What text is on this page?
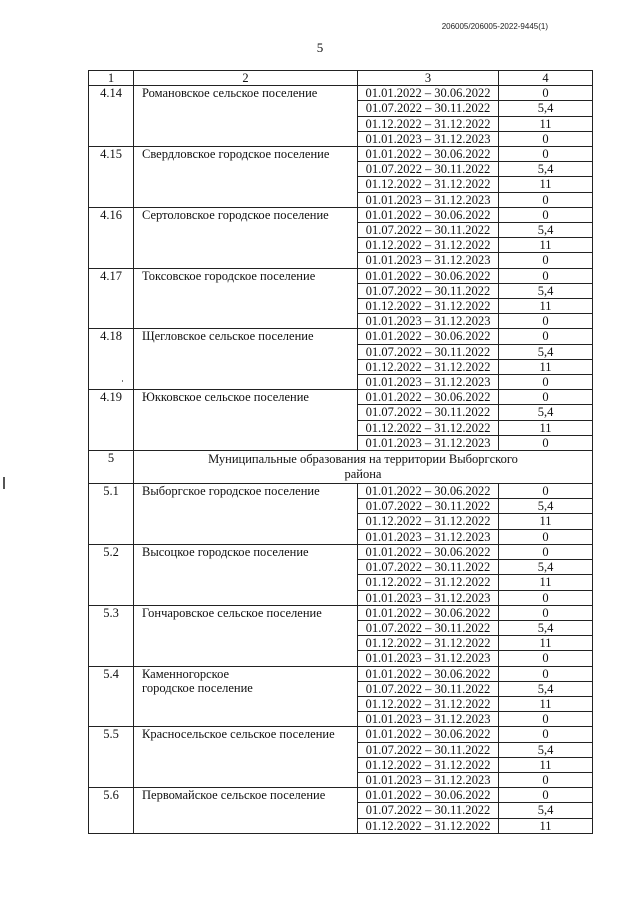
206005/206005-2022-9445(1)
5
1	2	3	4
4.14	Романовское сельское поселение	01.01.2022 – 30.06.2022	0
		01.07.2022 – 30.11.2022	5,4
		01.12.2022 – 31.12.2022	11
		01.01.2023 – 31.12.2023	0
4.15	Свердловское городское поселение	01.01.2022 – 30.06.2022	0
		01.07.2022 – 30.11.2022	5,4
		01.12.2022 – 31.12.2022	11
		01.01.2023 – 31.12.2023	0
4.16	Сертоловское городское поселение	01.01.2022 – 30.06.2022	0
		01.07.2022 – 30.11.2022	5,4
		01.12.2022 – 31.12.2022	11
		01.01.2023 – 31.12.2023	0
4.17	Токсовское городское поселение	01.01.2022 – 30.06.2022	0
		01.07.2022 – 30.11.2022	5,4
		01.12.2022 – 31.12.2022	11
		01.01.2023 – 31.12.2023	0
4.18	Щегловское сельское поселение	01.01.2022 – 30.06.2022	0
		01.07.2022 – 30.11.2022	5,4
		01.12.2022 – 31.12.2022	11
		01.01.2023 – 31.12.2023	0
4.19	Юкковское сельское поселение	01.01.2022 – 30.06.2022	0
		01.07.2022 – 30.11.2022	5,4
		01.12.2022 – 31.12.2022	11
		01.01.2023 – 31.12.2023	0
5	Муниципальные образования на территории Выборгского района		
5.1	Выборгское городское поселение	01.01.2022 – 30.06.2022	0
		01.07.2022 – 30.11.2022	5,4
		01.12.2022 – 31.12.2022	11
		01.01.2023 – 31.12.2023	0
5.2	Высоцкое городское поселение	01.01.2022 – 30.06.2022	0
		01.07.2022 – 30.11.2022	5,4
		01.12.2022 – 31.12.2022	11
		01.01.2023 – 31.12.2023	0
5.3	Гончаровское сельское поселение	01.01.2022 – 30.06.2022	0
		01.07.2022 – 30.11.2022	5,4
		01.12.2022 – 31.12.2022	11
		01.01.2023 – 31.12.2023	0
5.4	Каменногорское
городское поселение	01.01.2022 – 30.06.2022	0
		01.07.2022 – 30.11.2022	5,4
		01.12.2022 – 31.12.2022	11
		01.01.2023 – 31.12.2023	0
5.5	Красносельское сельское поселение	01.01.2022 – 30.06.2022	0
		01.07.2022 – 30.11.2022	5,4
		01.12.2022 – 31.12.2022	11
		01.01.2023 – 31.12.2023	0
5.6	Первомайское сельское поселение	01.01.2022 – 30.06.2022	0
		01.07.2022 – 30.11.2022	5,4
		01.12.2022 – 31.12.2022	11
